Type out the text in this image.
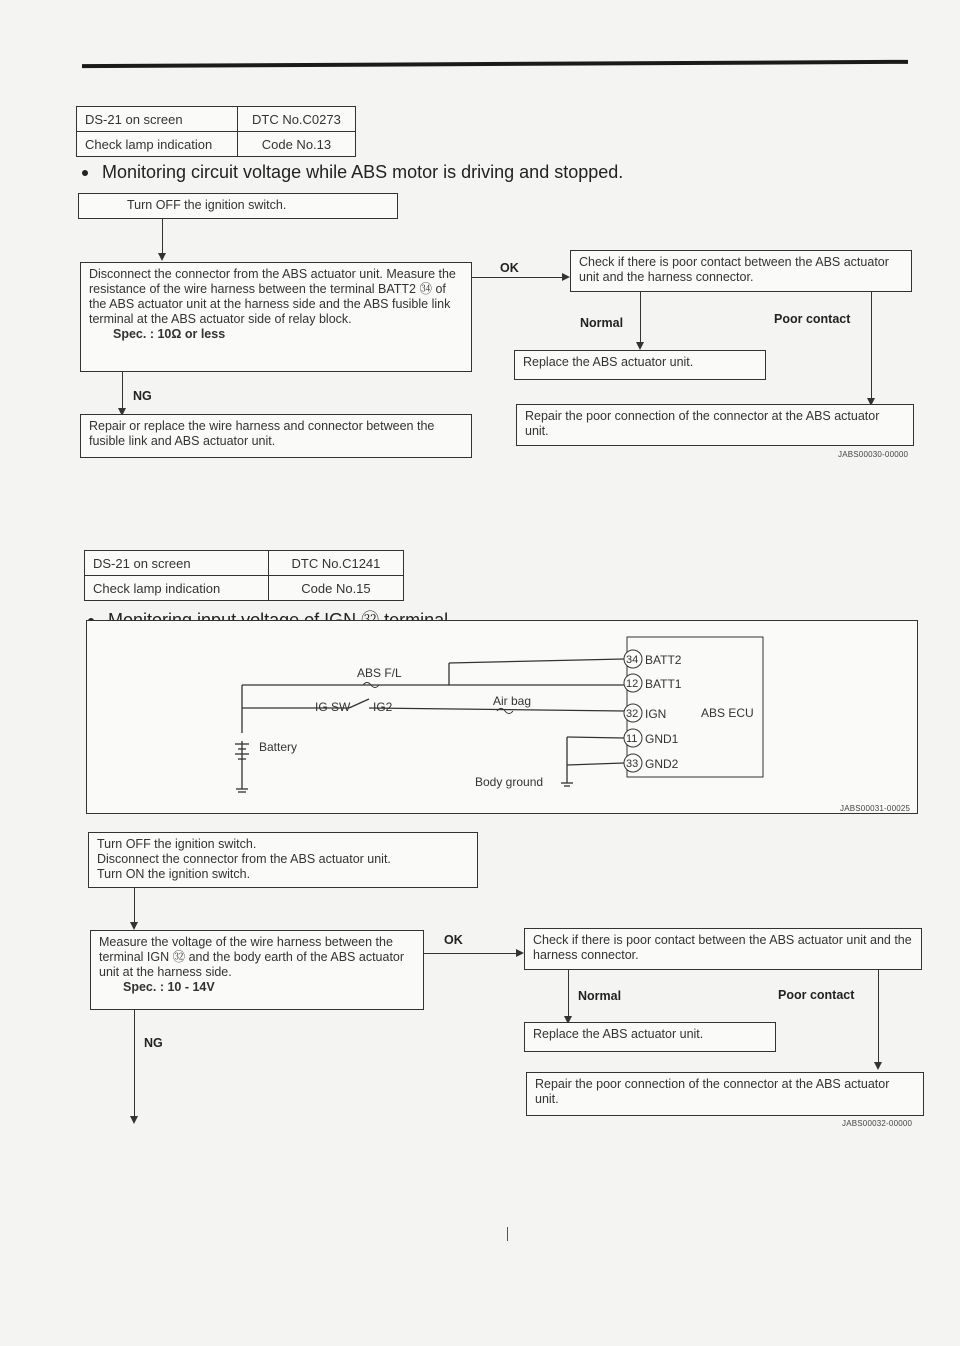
DS-21 on screen	DTC No.C0273
Check lamp indication	Code No.13
Monitoring circuit voltage while ABS motor is driving and stopped.
Turn OFF the ignition switch.
Disconnect the connector from the ABS actuator unit. Measure the resistance of the wire harness between the terminal BATT2 ㉞ of the ABS actuator unit at the harness side and the ABS fusible link terminal at the ABS actuator side of relay block.
Spec. : 10Ω or less
OK	Check if there is poor contact between the ABS actuator unit and the harness connector.
Normal	Poor contact
Replace the ABS actuator unit.
Repair the poor connection of the connector at the ABS actuator unit.
JABS00030-00000
NG
Repair or replace the wire harness and connector between the fusible link and ABS actuator unit.
DS-21 on screen	DTC No.C1241
Check lamp indication	Code No.15
ABS ECU
34 BATT2
12 BATT1
32 IGN
11 GND1
33 GND2
ABS F/L
IG SW IG2	Air bag
Battery
Body ground
JABS00031-00025
Turn OFF the ignition switch.
Disconnect the connector from the ABS actuator unit.
Turn ON the ignition switch.
Measure the voltage of the wire harness between the terminal IGN ㉜ and the body earth of the ABS actuator unit at the harness side.
Spec. : 10 - 14V
OK	Check if there is poor contact between the ABS actuator unit and the harness connector.
Normal	Poor contact
Replace the ABS actuator unit.
Repair the poor connection of the connector at the ABS actuator unit.
JABS00032-00000
NG
